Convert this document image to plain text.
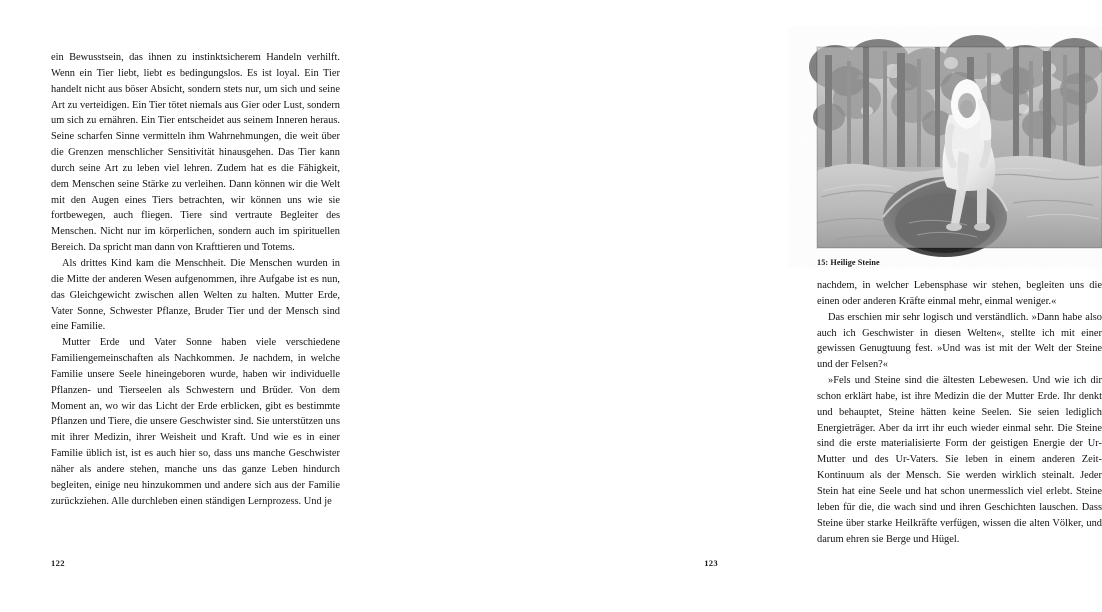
ein Bewusstsein, das ihnen zu instinktsicherem Handeln verhilft. Wenn ein Tier liebt, liebt es bedingungslos. Es ist loyal. Ein Tier handelt nicht aus böser Absicht, sondern stets nur, um sich und seine Art zu verteidigen. Ein Tier tötet niemals aus Gier oder Lust, sondern um sich zu ernähren. Ein Tier entscheidet aus seinem Inneren heraus. Seine scharfen Sinne vermitteln ihm Wahrnehmungen, die weit über die Grenzen menschlicher Sensitivität hinausgehen. Das Tier kann durch seine Art zu leben viel lehren. Zudem hat es die Fähigkeit, dem Menschen seine Stärke zu verleihen. Dann können wir die Welt mit den Augen eines Tiers betrachten, wir können uns wie sie fortbewegen, auch fliegen. Tiere sind vertraute Begleiter des Menschen. Nicht nur im körperlichen, sondern auch im spirituellen Bereich. Da spricht man dann von Krafttieren und Totems.

Als drittes Kind kam die Menschheit. Die Menschen wurden in die Mitte der anderen Wesen aufgenommen, ihre Aufgabe ist es nun, das Gleichgewicht zwischen allen Welten zu halten. Mutter Erde, Vater Sonne, Schwester Pflanze, Bruder Tier und der Mensch sind eine Familie.

Mutter Erde und Vater Sonne haben viele verschiedene Familiengemeinschaften als Nachkommen. Je nachdem, in welche Familie unsere Seele hineingeboren wurde, haben wir individuelle Pflanzen- und Tierseelen als Schwestern und Brüder. Von dem Moment an, wo wir das Licht der Erde erblicken, gibt es bestimmte Pflanzen und Tiere, die unsere Geschwister sind. Sie unterstützen uns mit ihrer Medizin, ihrer Weisheit und Kraft. Und wie es in einer Familie üblich ist, ist es auch hier so, dass uns manche Geschwister näher als andere stehen, manche uns das ganze Leben hindurch begleiten, einige neu hinzukommen und andere sich aus der Familie zurückziehen. Alle durchleben einen ständigen Lernprozess. Und je

122
15: Heilige Steine

nachdem, in welcher Lebensphase wir stehen, begleiten uns die einen oder anderen Kräfte einmal mehr, einmal weniger.«

Das erschien mir sehr logisch und verständlich. »Dann habe also auch ich Geschwister in diesen Welten«, stellte ich mit einer gewissen Genugtuung fest. »Und was ist mit der Welt der Steine und der Felsen?«

»Fels und Steine sind die ältesten Lebewesen. Und wie ich dir schon erklärt habe, ist ihre Medizin die der Mutter Erde. Ihr denkt und behauptet, Steine hätten keine Seelen. Sie seien lediglich Energieträger. Aber da irrt ihr euch wieder einmal sehr. Die Steine sind die erste materialisierte Form der geistigen Energie der Ur-Mutter und des Ur-Vaters. Sie leben in einem anderen Zeit-Kontinuum als der Mensch. Sie werden wirklich steinalt. Jeder Stein hat eine Seele und hat schon unermesslich viel erlebt. Steine leben für die, die wach sind und ihren Geschichten lauschen. Dass Steine über starke Heilkräfte verfügen, wissen die alten Völker, und darum ehren sie Berge und Hügel.

123
